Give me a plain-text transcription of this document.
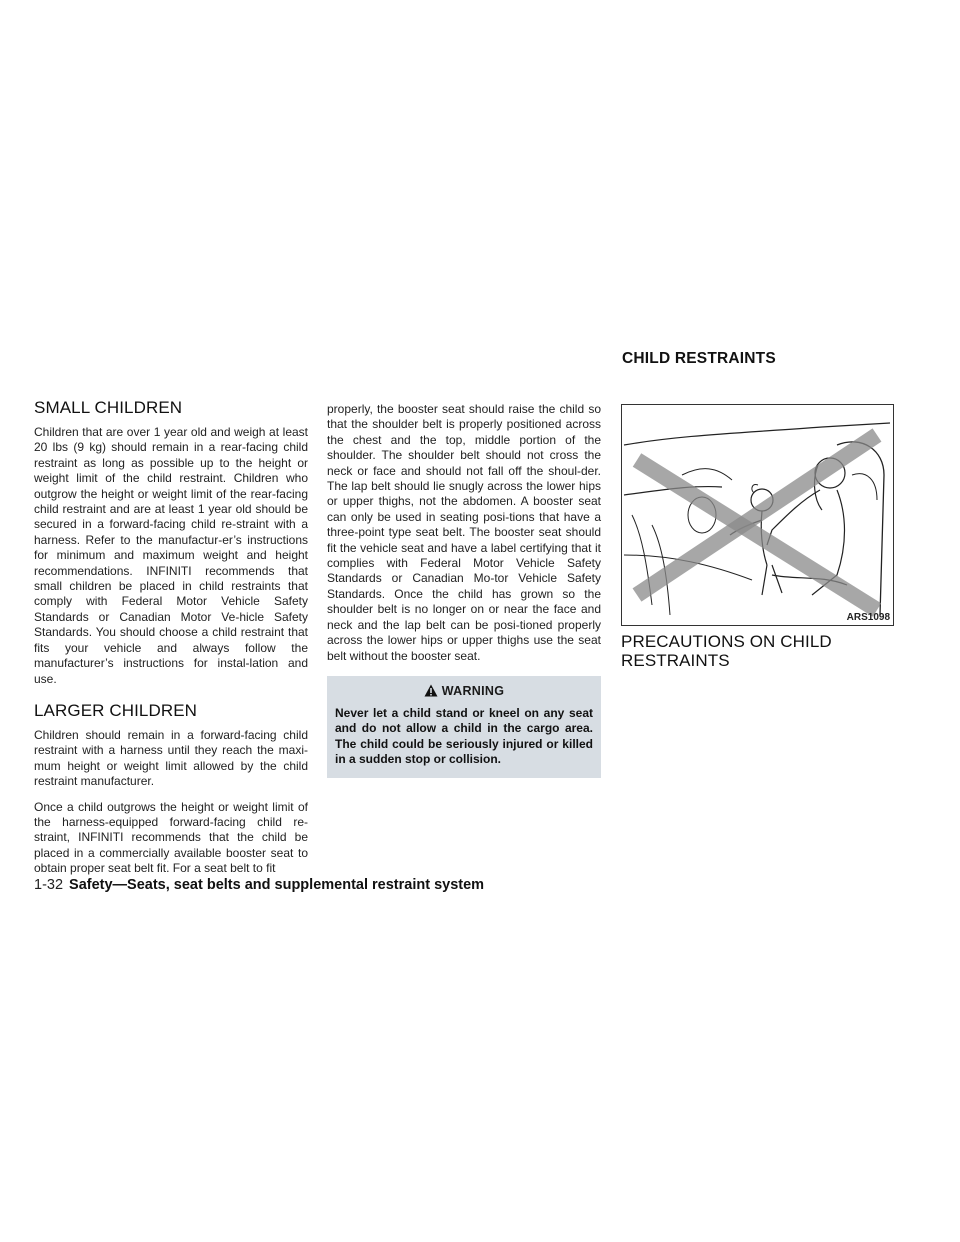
CHILD RESTRAINTS
SMALL CHILDREN

Children that are over 1 year old and weigh at least 20 lbs (9 kg) should remain in a rear-facing child restraint as long as possible up to the height or weight limit of the child restraint. Children who outgrow the height or weight limit of the rear-facing child restraint and are at least 1 year old should be secured in a forward-facing child re-straint with a harness. Refer to the manufactur-er’s instructions for minimum and maximum weight and height recommendations. INFINITI recommends that small children be placed in child restraints that comply with Federal Motor Vehicle Safety Standards or Canadian Motor Ve-hicle Safety Standards. You should choose a child restraint that fits your vehicle and always follow the manufacturer’s instructions for instal-lation and use.

LARGER CHILDREN

Children should remain in a forward-facing child restraint with a harness until they reach the maxi-mum height or weight limit allowed by the child restraint manufacturer.

Once a child outgrows the height or weight limit of the harness-equipped forward-facing child re-straint, INFINITI recommends that the child be placed in a commercially available booster seat to obtain proper seat belt fit. For a seat belt to fit

properly, the booster seat should raise the child so that the shoulder belt is properly positioned across the chest and the top, middle portion of the shoulder. The shoulder belt should not cross the neck or face and should not fall off the shoul-der. The lap belt should lie snugly across the lower hips or upper thighs, not the abdomen. A booster seat can only be used in seating posi-tions that have a three-point type seat belt. The booster seat should fit the vehicle seat and have a label certifying that it complies with Federal Motor Vehicle Safety Standards or Canadian Mo-tor Vehicle Safety Standards. Once the child has grown so the shoulder belt is no longer on or near the face and neck and the lap belt can be posi-tioned properly across the lower hips or upper thighs use the seat belt without the booster seat.

WARNING
Never let a child stand or kneel on any seat and do not allow a child in the cargo area. The child could be seriously injured or killed in a sudden stop or collision.
ARS1098
PRECAUTIONS ON CHILD RESTRAINTS
1-32 Safety—Seats, seat belts and supplemental restraint system
